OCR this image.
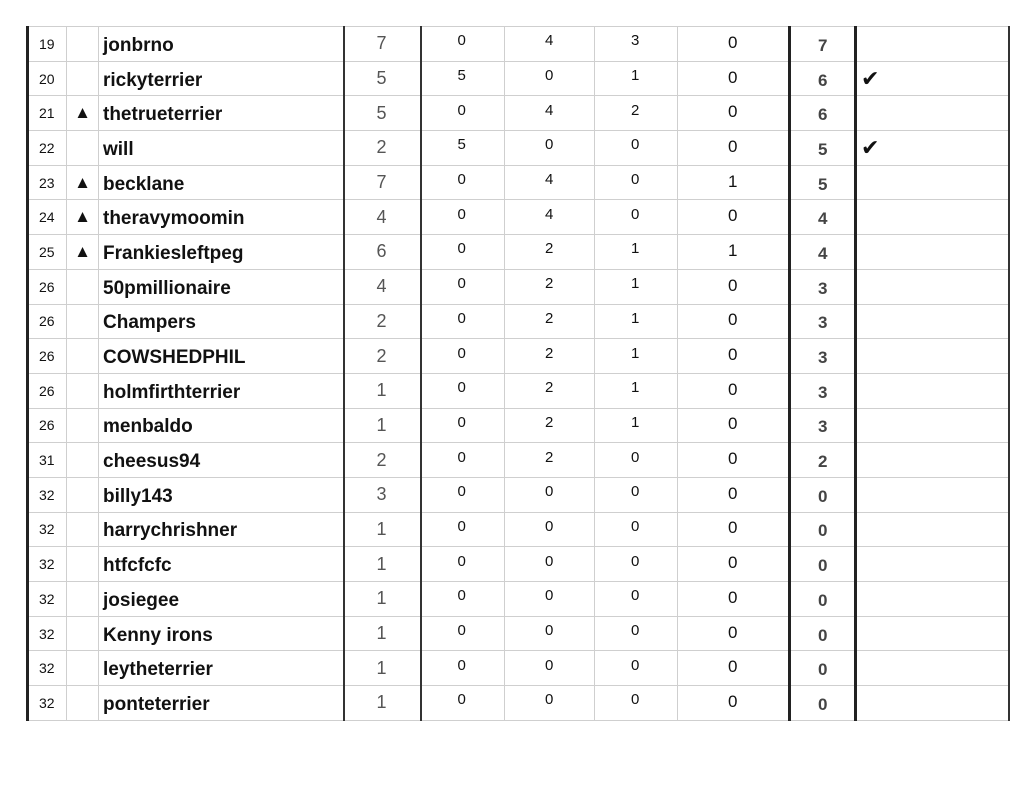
19		jonbrno	7	0	4	3	0	7	
20		rickyterrier	5	5	0	1	0	6	✔
21	▲	thetrueterrier	5	0	4	2	0	6	
22		will	2	5	0	0	0	5	✔
23	▲	becklane	7	0	4	0	1	5	
24	▲	theravymoomin	4	0	4	0	0	4	
25	▲	Frankiesleftpeg	6	0	2	1	1	4	
26		50pmillionaire	4	0	2	1	0	3	
26		Champers	2	0	2	1	0	3	
26		COWSHEDPHIL	2	0	2	1	0	3	
26		holmfirthterrier	1	0	2	1	0	3	
26		menbaldo	1	0	2	1	0	3	
31		cheesus94	2	0	2	0	0	2	
32		billy143	3	0	0	0	0	0	
32		harrychrishner	1	0	0	0	0	0	
32		htfcfcfc	1	0	0	0	0	0	
32		josiegee	1	0	0	0	0	0	
32		Kenny irons	1	0	0	0	0	0	
32		leytheterrier	1	0	0	0	0	0	
32		ponteterrier	1	0	0	0	0	0	
